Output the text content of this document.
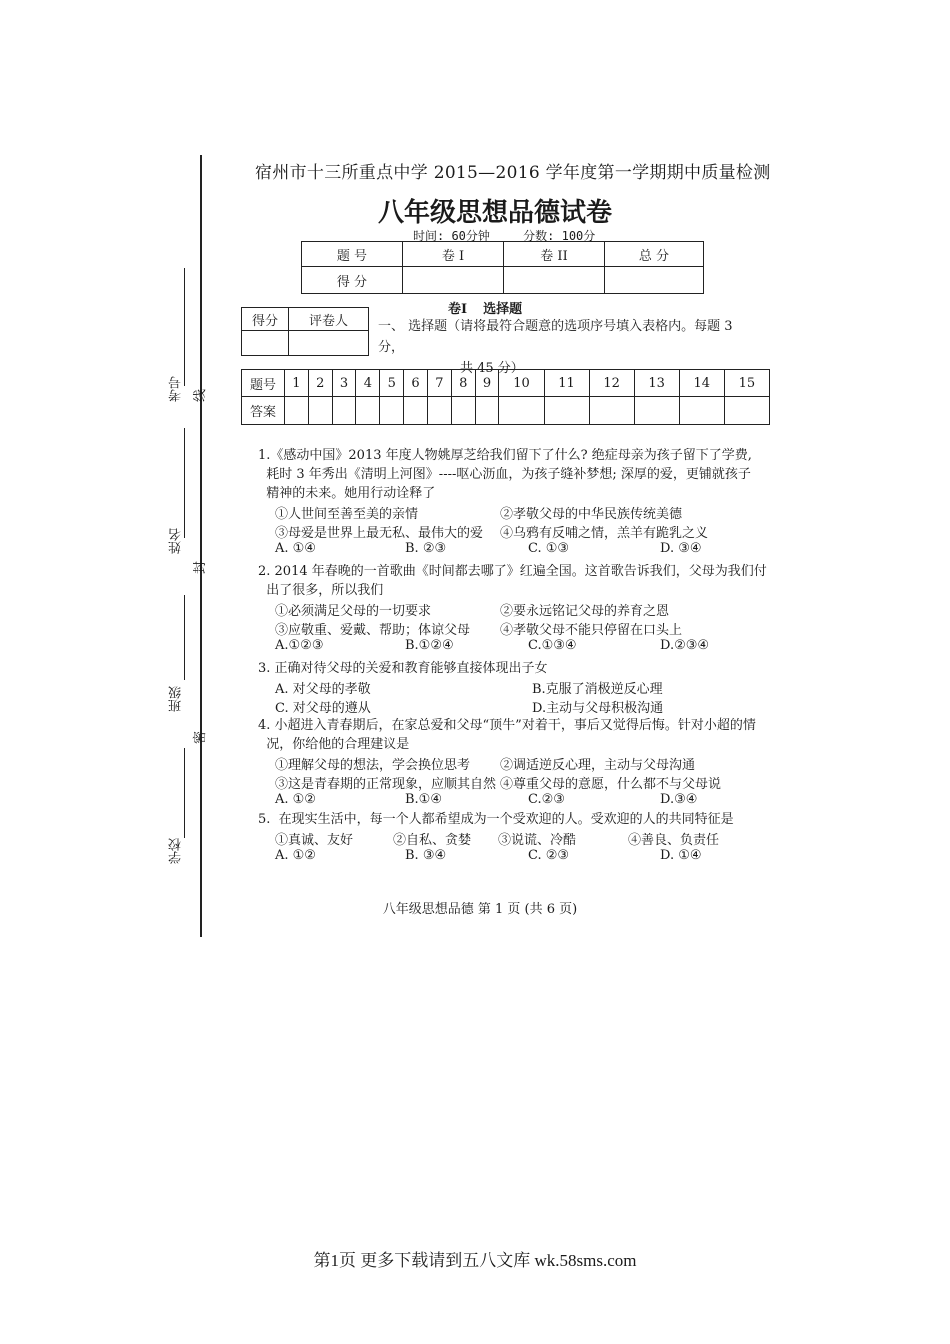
考号 线
姓名
封
班级
密
学校
宿州市十三所重点中学 2015—2016 学年度第一学期期中质量检测
八年级思想品德试卷
时间: 60分钟	分数: 100分
题 号	卷 I	卷 II	总 分
得 分			
卷I 选择题
得分	评卷人
	一、 选择题（请将最符合题意的选项序号填入表格内。每题 3 分，
共 45 分）
题号	1	2	3	4	5	6	7	8	9	10	11	12	13	14	15
答案															
1.《感动中国》2013 年度人物姚厚芝给我们留下了什么? 绝症母亲为孩子留下了学费,
耗时 3 年秀出《清明上河图》----呕心沥血，为孩子缝补梦想; 深厚的爱，更铺就孩子
精神的未来。她用行动诠释了
①人世间至善至美的亲情	②孝敬父母的中华民族传统美德
③母爱是世界上最无私、最伟大的爱 ④乌鸦有反哺之情，羔羊有跪乳之义
A. ①④	B. ②③	C. ①③	D. ③④
2. 2014 年春晚的一首歌曲《时间都去哪了》红遍全国。这首歌告诉我们，父母为我们付
出了很多，所以我们
①必须满足父母的一切要求	②要永远铭记父母的养育之恩
③应敬重、爱戴、帮助；体谅父母 ④孝敬父母不能只停留在口头上
A.①②③	B.①②④	C.①③④	D.②③④
3. 正确对待父母的关爱和教育能够直接体现出子女
A. 对父母的孝敬	B.克服了消极逆反心理
C. 对父母的遵从	D.主动与父母积极沟通
4. 小超进入青春期后，在家总爱和父母“顶牛”对着干，事后又觉得后悔。针对小超的情
况，你给他的合理建议是
①理解父母的想法，学会换位思考 ②调适逆反心理，主动与父母沟通
③这是青春期的正常现象，应顺其自然 ④尊重父母的意愿，什么都不与父母说
A. ①②	B.①④	C.②③	D.③④
5.  在现实生活中，每一个人都希望成为一个受欢迎的人。受欢迎的人的共同特征是
①真诚、友好	②自私、贪婪 ③说谎、冷酷	④善良、负责任
A. ①②	B. ③④	C. ②③	D. ①④
八年级思想品德 第 1 页 (共 6 页)
第1页 更多下载请到五八文库 wk.58sms.com
